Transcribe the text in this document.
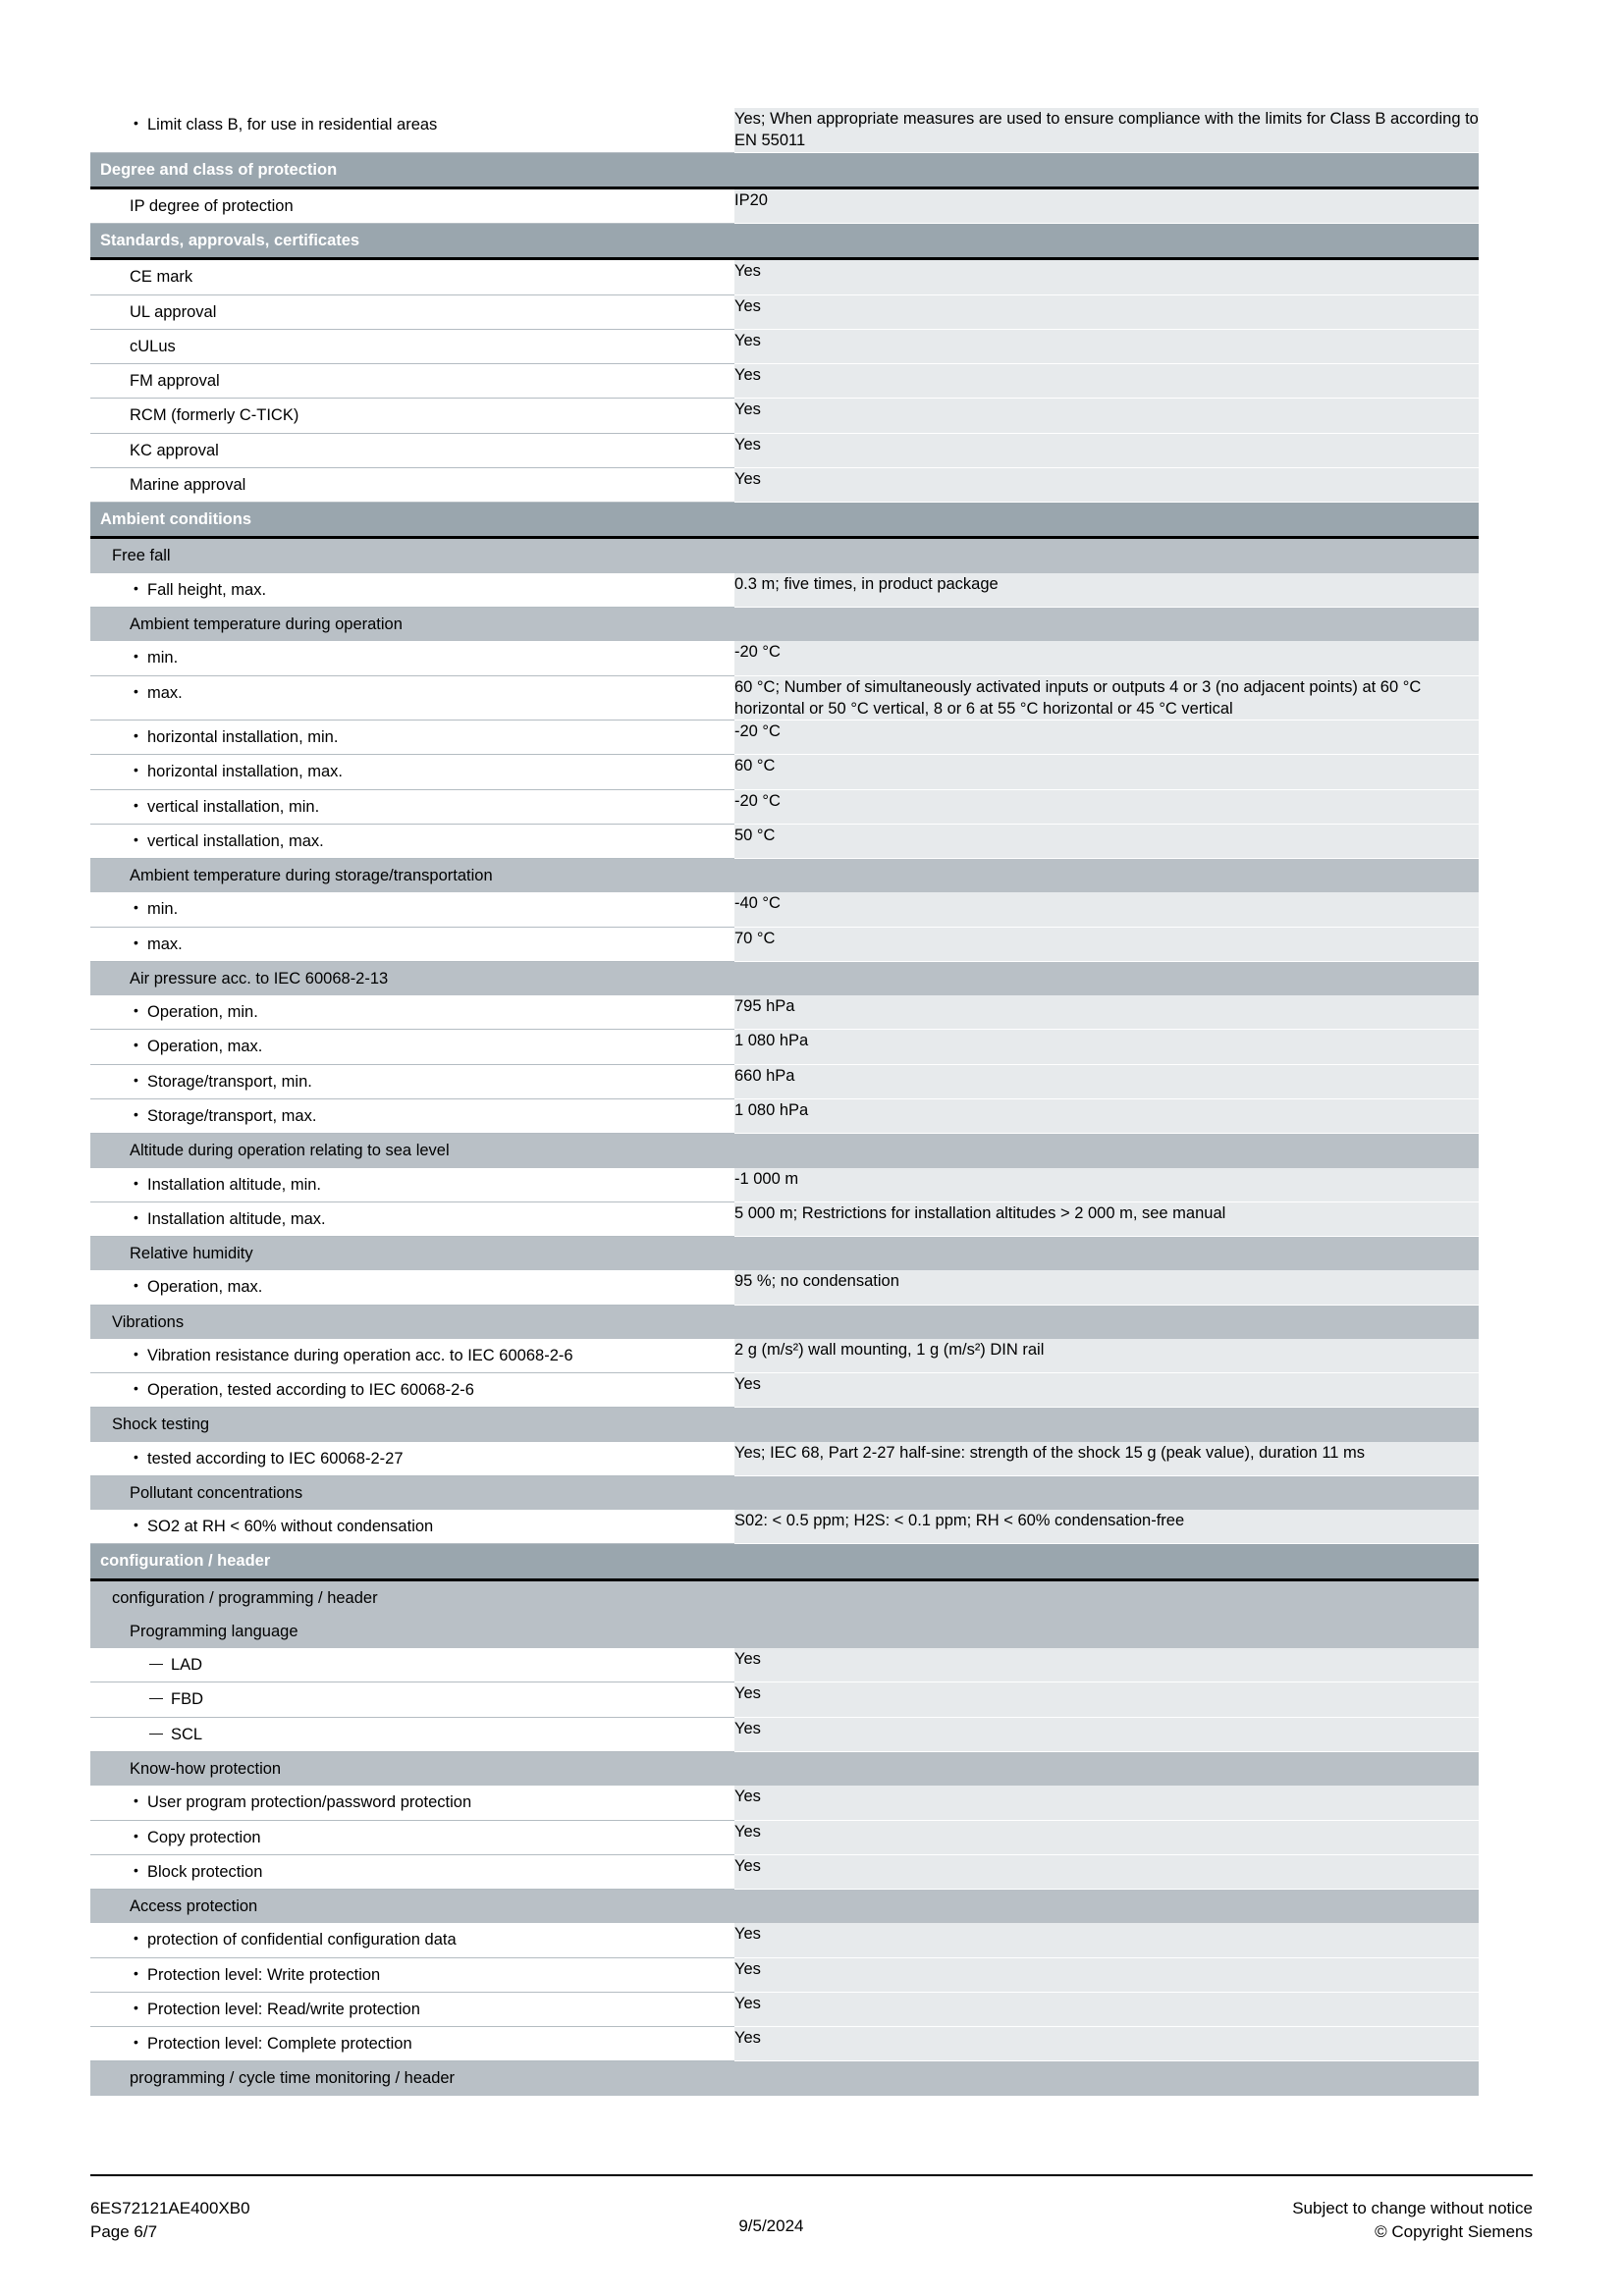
• Limit class B, for use in residential areas	Yes; When appropriate measures are used to ensure compliance with the limits for Class B according to EN 55011
Degree and class of protection	
IP degree of protection	IP20
Standards, approvals, certificates	
CE mark	Yes
UL approval	Yes
cULus	Yes
FM approval	Yes
RCM (formerly C-TICK)	Yes
KC approval	Yes
Marine approval	Yes
Ambient conditions	
Free fall	
• Fall height, max.	0.3 m; five times, in product package
Ambient temperature during operation	
• min.	-20 °C
• max.	60 °C; Number of simultaneously activated inputs or outputs 4 or 3 (no adjacent points) at 60 °C horizontal or 50 °C vertical, 8 or 6 at 55 °C horizontal or 45 °C vertical
• horizontal installation, min.	-20 °C
• horizontal installation, max.	60 °C
• vertical installation, min.	-20 °C
• vertical installation, max.	50 °C
Ambient temperature during storage/transportation	
• min.	-40 °C
• max.	70 °C
Air pressure acc. to IEC 60068-2-13	
• Operation, min.	795 hPa
• Operation, max.	1 080 hPa
• Storage/transport, min.	660 hPa
• Storage/transport, max.	1 080 hPa
Altitude during operation relating to sea level	
• Installation altitude, min.	-1 000 m
• Installation altitude, max.	5 000 m; Restrictions for installation altitudes > 2 000 m, see manual
Relative humidity	
• Operation, max.	95 %; no condensation
Vibrations	
• Vibration resistance during operation acc. to IEC 60068-2-6	2 g (m/s²) wall mounting, 1 g (m/s²) DIN rail
• Operation, tested according to IEC 60068-2-6	Yes
Shock testing	
• tested according to IEC 60068-2-27	Yes; IEC 68, Part 2-27 half-sine: strength of the shock 15 g (peak value), duration 11 ms
Pollutant concentrations	
• SO2 at RH < 60% without condensation	S02: < 0.5 ppm; H2S: < 0.1 ppm; RH < 60% condensation-free
configuration / header	
configuration / programming / header	
Programming language	
— LAD	Yes
— FBD	Yes
— SCL	Yes
Know-how protection	
• User program protection/password protection	Yes
• Copy protection	Yes
• Block protection	Yes
Access protection	
• protection of confidential configuration data	Yes
• Protection level: Write protection	Yes
• Protection level: Read/write protection	Yes
• Protection level: Complete protection	Yes
programming / cycle time monitoring / header	
6ES72121AE400XB0
Page 6/7	9/5/2024
Subject to change without notice
© Copyright Siemens
